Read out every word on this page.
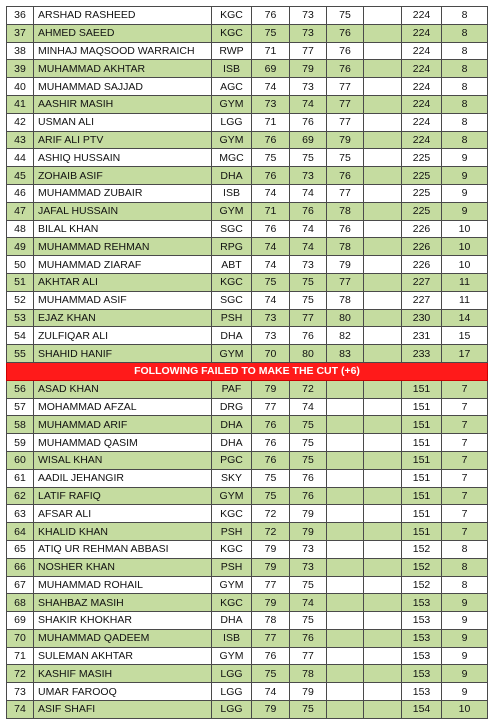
36	ARSHAD RASHEED	KGC	76	73	75		224	8
37	AHMED SAEED	KGC	75	73	76		224	8
38	MINHAJ MAQSOOD WARRAICH	RWP	71	77	76		224	8
39	MUHAMMAD AKHTAR	ISB	69	79	76		224	8
40	MUHAMMAD SAJJAD	AGC	74	73	77		224	8
41	AASHIR MASIH	GYM	73	74	77		224	8
42	USMAN ALI	LGG	71	76	77		224	8
43	ARIF ALI PTV	GYM	76	69	79		224	8
44	ASHIQ HUSSAIN	MGC	75	75	75		225	9
45	ZOHAIB ASIF	DHA	76	73	76		225	9
46	MUHAMMAD ZUBAIR	ISB	74	74	77		225	9
47	JAFAL HUSSAIN	GYM	71	76	78		225	9
48	BILAL KHAN	SGC	76	74	76		226	10
49	MUHAMMAD REHMAN	RPG	74	74	78		226	10
50	MUHAMMAD ZIARAF	ABT	74	73	79		226	10
51	AKHTAR ALI	KGC	75	75	77		227	11
52	MUHAMMAD ASIF	SGC	74	75	78		227	11
53	EJAZ KHAN	PSH	73	77	80		230	14
54	ZULFIQAR ALI	DHA	73	76	82		231	15
55	SHAHID HANIF	GYM	70	80	83		233	17
FOLLOWING FAILED TO MAKE THE CUT (+6)								
56	ASAD KHAN	PAF	79	72			151	7
57	MOHAMMAD AFZAL	DRG	77	74			151	7
58	MUHAMMAD ARIF	DHA	76	75			151	7
59	MUHAMMAD QASIM	DHA	76	75			151	7
60	WISAL KHAN	PGC	76	75			151	7
61	AADIL JEHANGIR	SKY	75	76			151	7
62	LATIF RAFIQ	GYM	75	76			151	7
63	AFSAR ALI	KGC	72	79			151	7
64	KHALID KHAN	PSH	72	79			151	7
65	ATIQ UR REHMAN ABBASI	KGC	79	73			152	8
66	NOSHER KHAN	PSH	79	73			152	8
67	MUHAMMAD ROHAIL	GYM	77	75			152	8
68	SHAHBAZ MASIH	KGC	79	74			153	9
69	SHAKIR KHOKHAR	DHA	78	75			153	9
70	MUHAMMAD QADEEM	ISB	77	76			153	9
71	SULEMAN AKHTAR	GYM	76	77			153	9
72	KASHIF MASIH	LGG	75	78			153	9
73	UMAR FAROOQ	LGG	74	79			153	9
74	ASIF SHAFI	LGG	79	75			154	10
